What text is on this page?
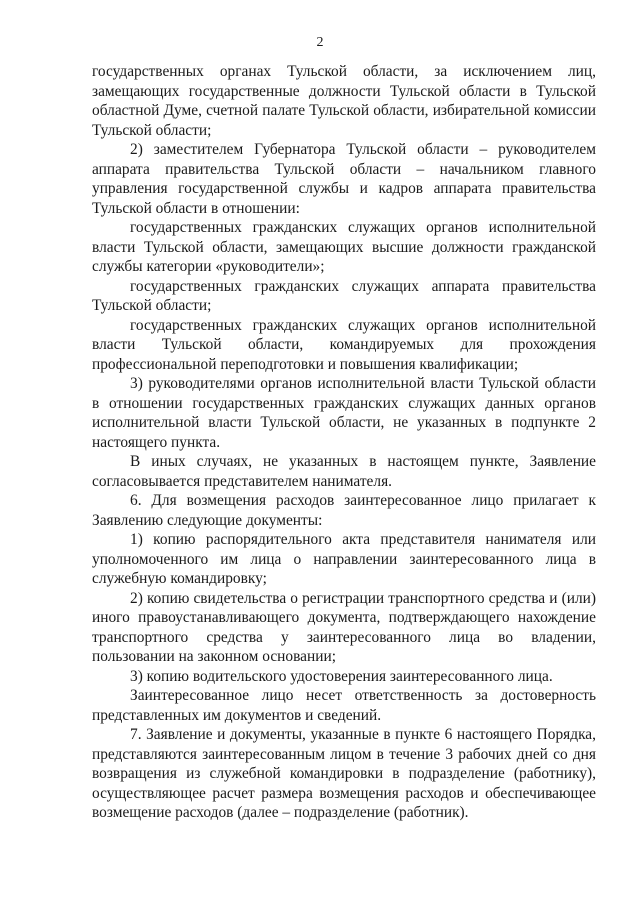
2

государственных органах Тульской области, за исключением лиц, замещающих государственные должности Тульской области в Тульской областной Думе, счетной палате Тульской области, избирательной комиссии Тульской области;

2) заместителем Губернатора Тульской области – руководителем аппарата правительства Тульской области – начальником главного управления государственной службы и кадров аппарата правительства Тульской области в отношении:

государственных гражданских служащих органов исполнительной власти Тульской области, замещающих высшие должности гражданской службы категории «руководители»;

государственных гражданских служащих аппарата правительства Тульской области;

государственных гражданских служащих органов исполнительной власти Тульской области, командируемых для прохождения профессиональной переподготовки и повышения квалификации;

3) руководителями органов исполнительной власти Тульской области в отношении государственных гражданских служащих данных органов исполнительной власти Тульской области, не указанных в подпункте 2 настоящего пункта.

В иных случаях, не указанных в настоящем пункте, Заявление согласовывается представителем нанимателя.

6. Для возмещения расходов заинтересованное лицо прилагает к Заявлению следующие документы:

1) копию распорядительного акта представителя нанимателя или уполномоченного им лица о направлении заинтересованного лица в служебную командировку;

2) копию свидетельства о регистрации транспортного средства и (или) иного правоустанавливающего документа, подтверждающего нахождение транспортного средства у заинтересованного лица во владении, пользовании на законном основании;

3) копию водительского удостоверения заинтересованного лица.

Заинтересованное лицо несет ответственность за достоверность представленных им документов и сведений.

7. Заявление и документы, указанные в пункте 6 настоящего Порядка, представляются заинтересованным лицом в течение 3 рабочих дней со дня возвращения из служебной командировки в подразделение (работнику), осуществляющее расчет размера возмещения расходов и обеспечивающее возмещение расходов (далее – подразделение (работник).
